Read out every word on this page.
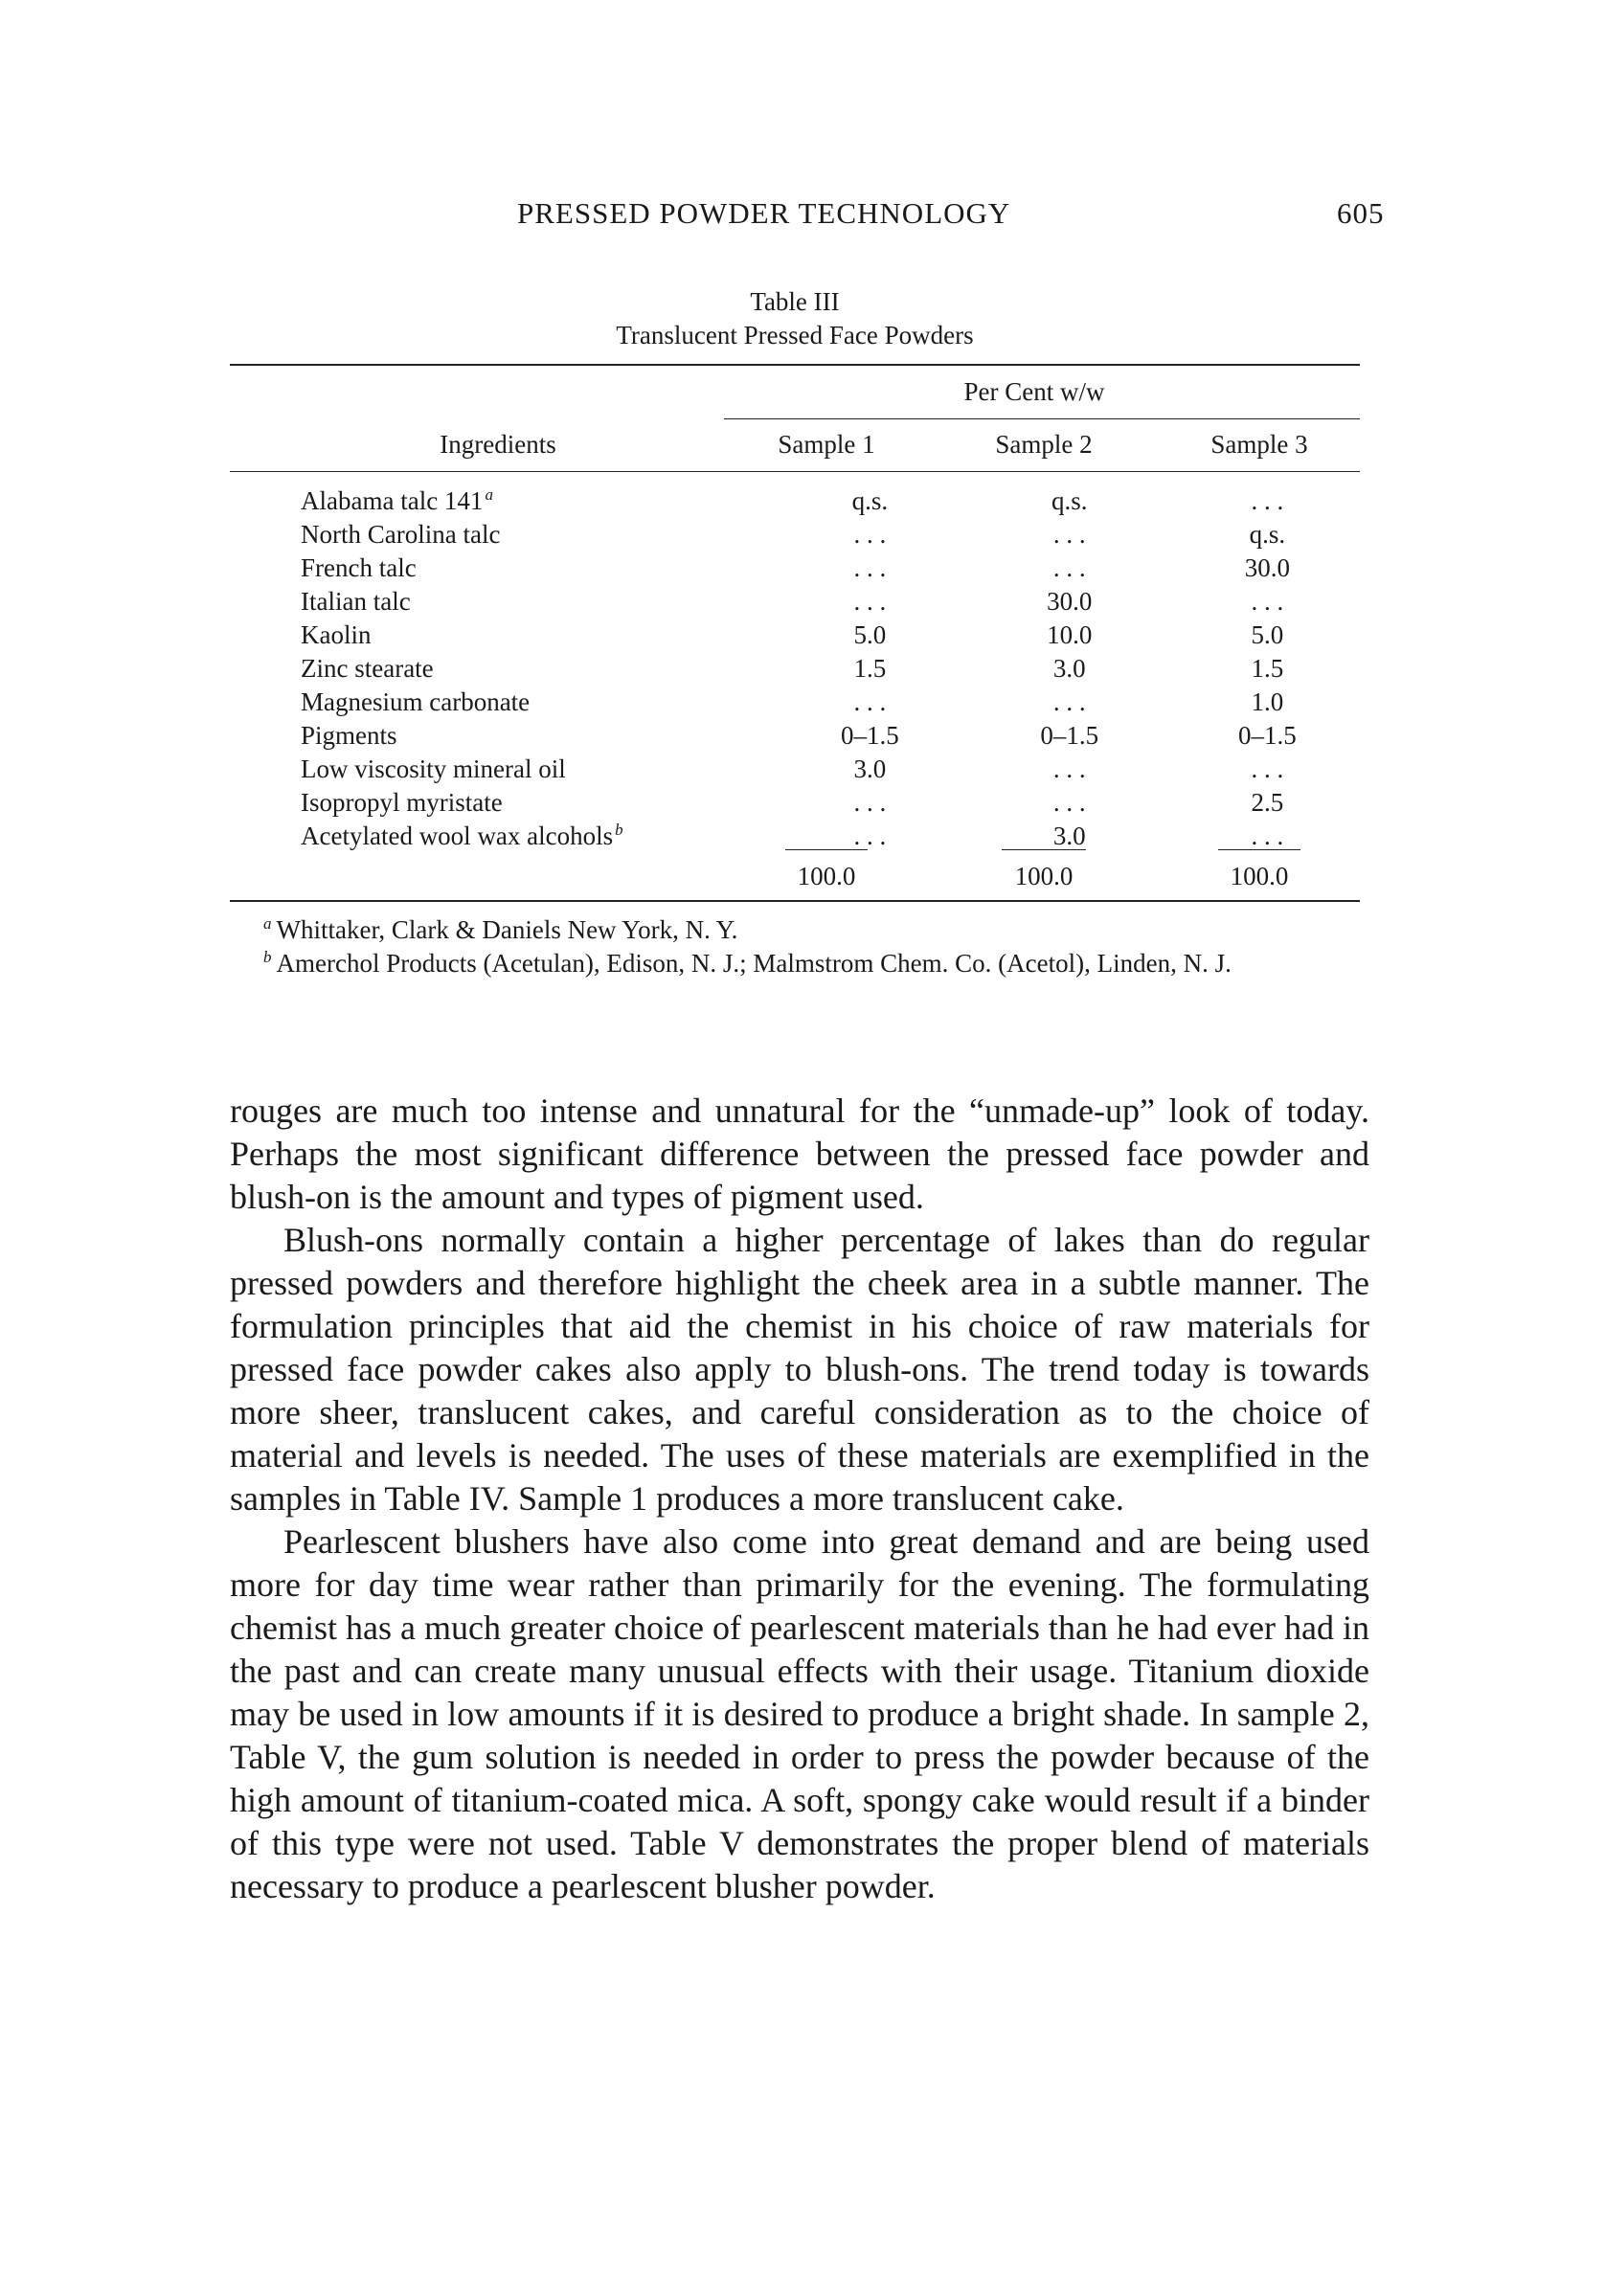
PRESSED POWDER TECHNOLOGY	605
Table III
Translucent Pressed Face Powders
Per Cent w/w
Ingredients	Sample 1	Sample 2	Sample 3
Alabama talc 141 $^a$	q.s.	q.s.	. . .
North Carolina talc	. . .	. . .	q.s.
French talc	. . .	. . .	30.0
Italian talc	. . .	30.0	. . .
Kaolin	5.0	10.0	5.0
Zinc stearate	1.5	3.0	1.5
Magnesium carbonate	. . .	. . .	1.0
Pigments	0–1.5	0–1.5	0–1.5
Low viscosity mineral oil	3.0	. . .	. . .
Isopropyl myristate	. . .	. . .	2.5
Acetylated wool wax alcohols $^b$	. . .	3.0	. . .
	100.0	100.0	100.0

$^a$ Whittaker, Clark & Daniels New York, N. Y.

$^b$ Amerchol Products (Acetulan), Edison, N. J.; Malmstrom Chem. Co. (Acetol), Linden, N. J.

rouges are much too intense and unnatural for the “unmade-up” look of today. Perhaps the most significant difference between the pressed face powder and blush-on is the amount and types of pigment used.

Blush-ons normally contain a higher percentage of lakes than do regular pressed powders and therefore highlight the cheek area in a subtle manner. The formulation principles that aid the chemist in his choice of raw materials for pressed face powder cakes also apply to blush-ons. The trend today is towards more sheer, translucent cakes, and careful consideration as to the choice of material and levels is needed. The uses of these materials are exemplified in the samples in Table IV. Sample 1 produces a more translucent cake.

Pearlescent blushers have also come into great demand and are being used more for day time wear rather than primarily for the evening. The formulating chemist has a much greater choice of pearlescent materials than he had ever had in the past and can create many unusual effects with their usage. Titanium dioxide may be used in low amounts if it is desired to produce a bright shade. In sample 2, Table V, the gum solution is needed in order to press the powder because of the high amount of titanium-coated mica. A soft, spongy cake would result if a binder of this type were not used. Table V demonstrates the proper blend of materials necessary to produce a pearlescent blusher powder.
